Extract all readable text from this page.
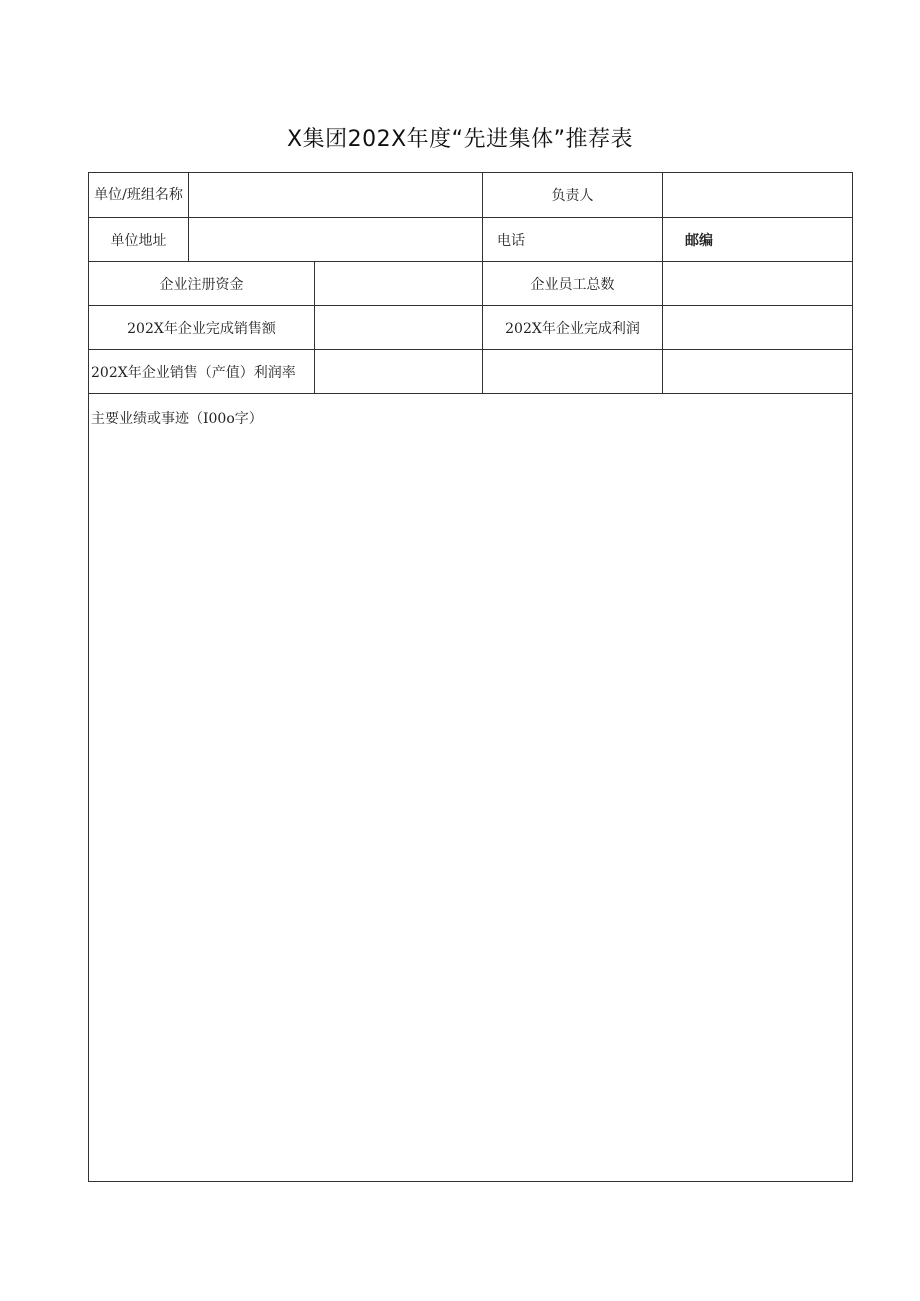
X集团202X年度“先进集体”推荐表
单位/班组名称	负责人
单位地址	电话	邮编
企业注册资金	企业员工总数
202X年企业完成销售额	202X年企业完成利润
202X年企业销售（产值）利润率
主要业绩或事迹（I00o字）
